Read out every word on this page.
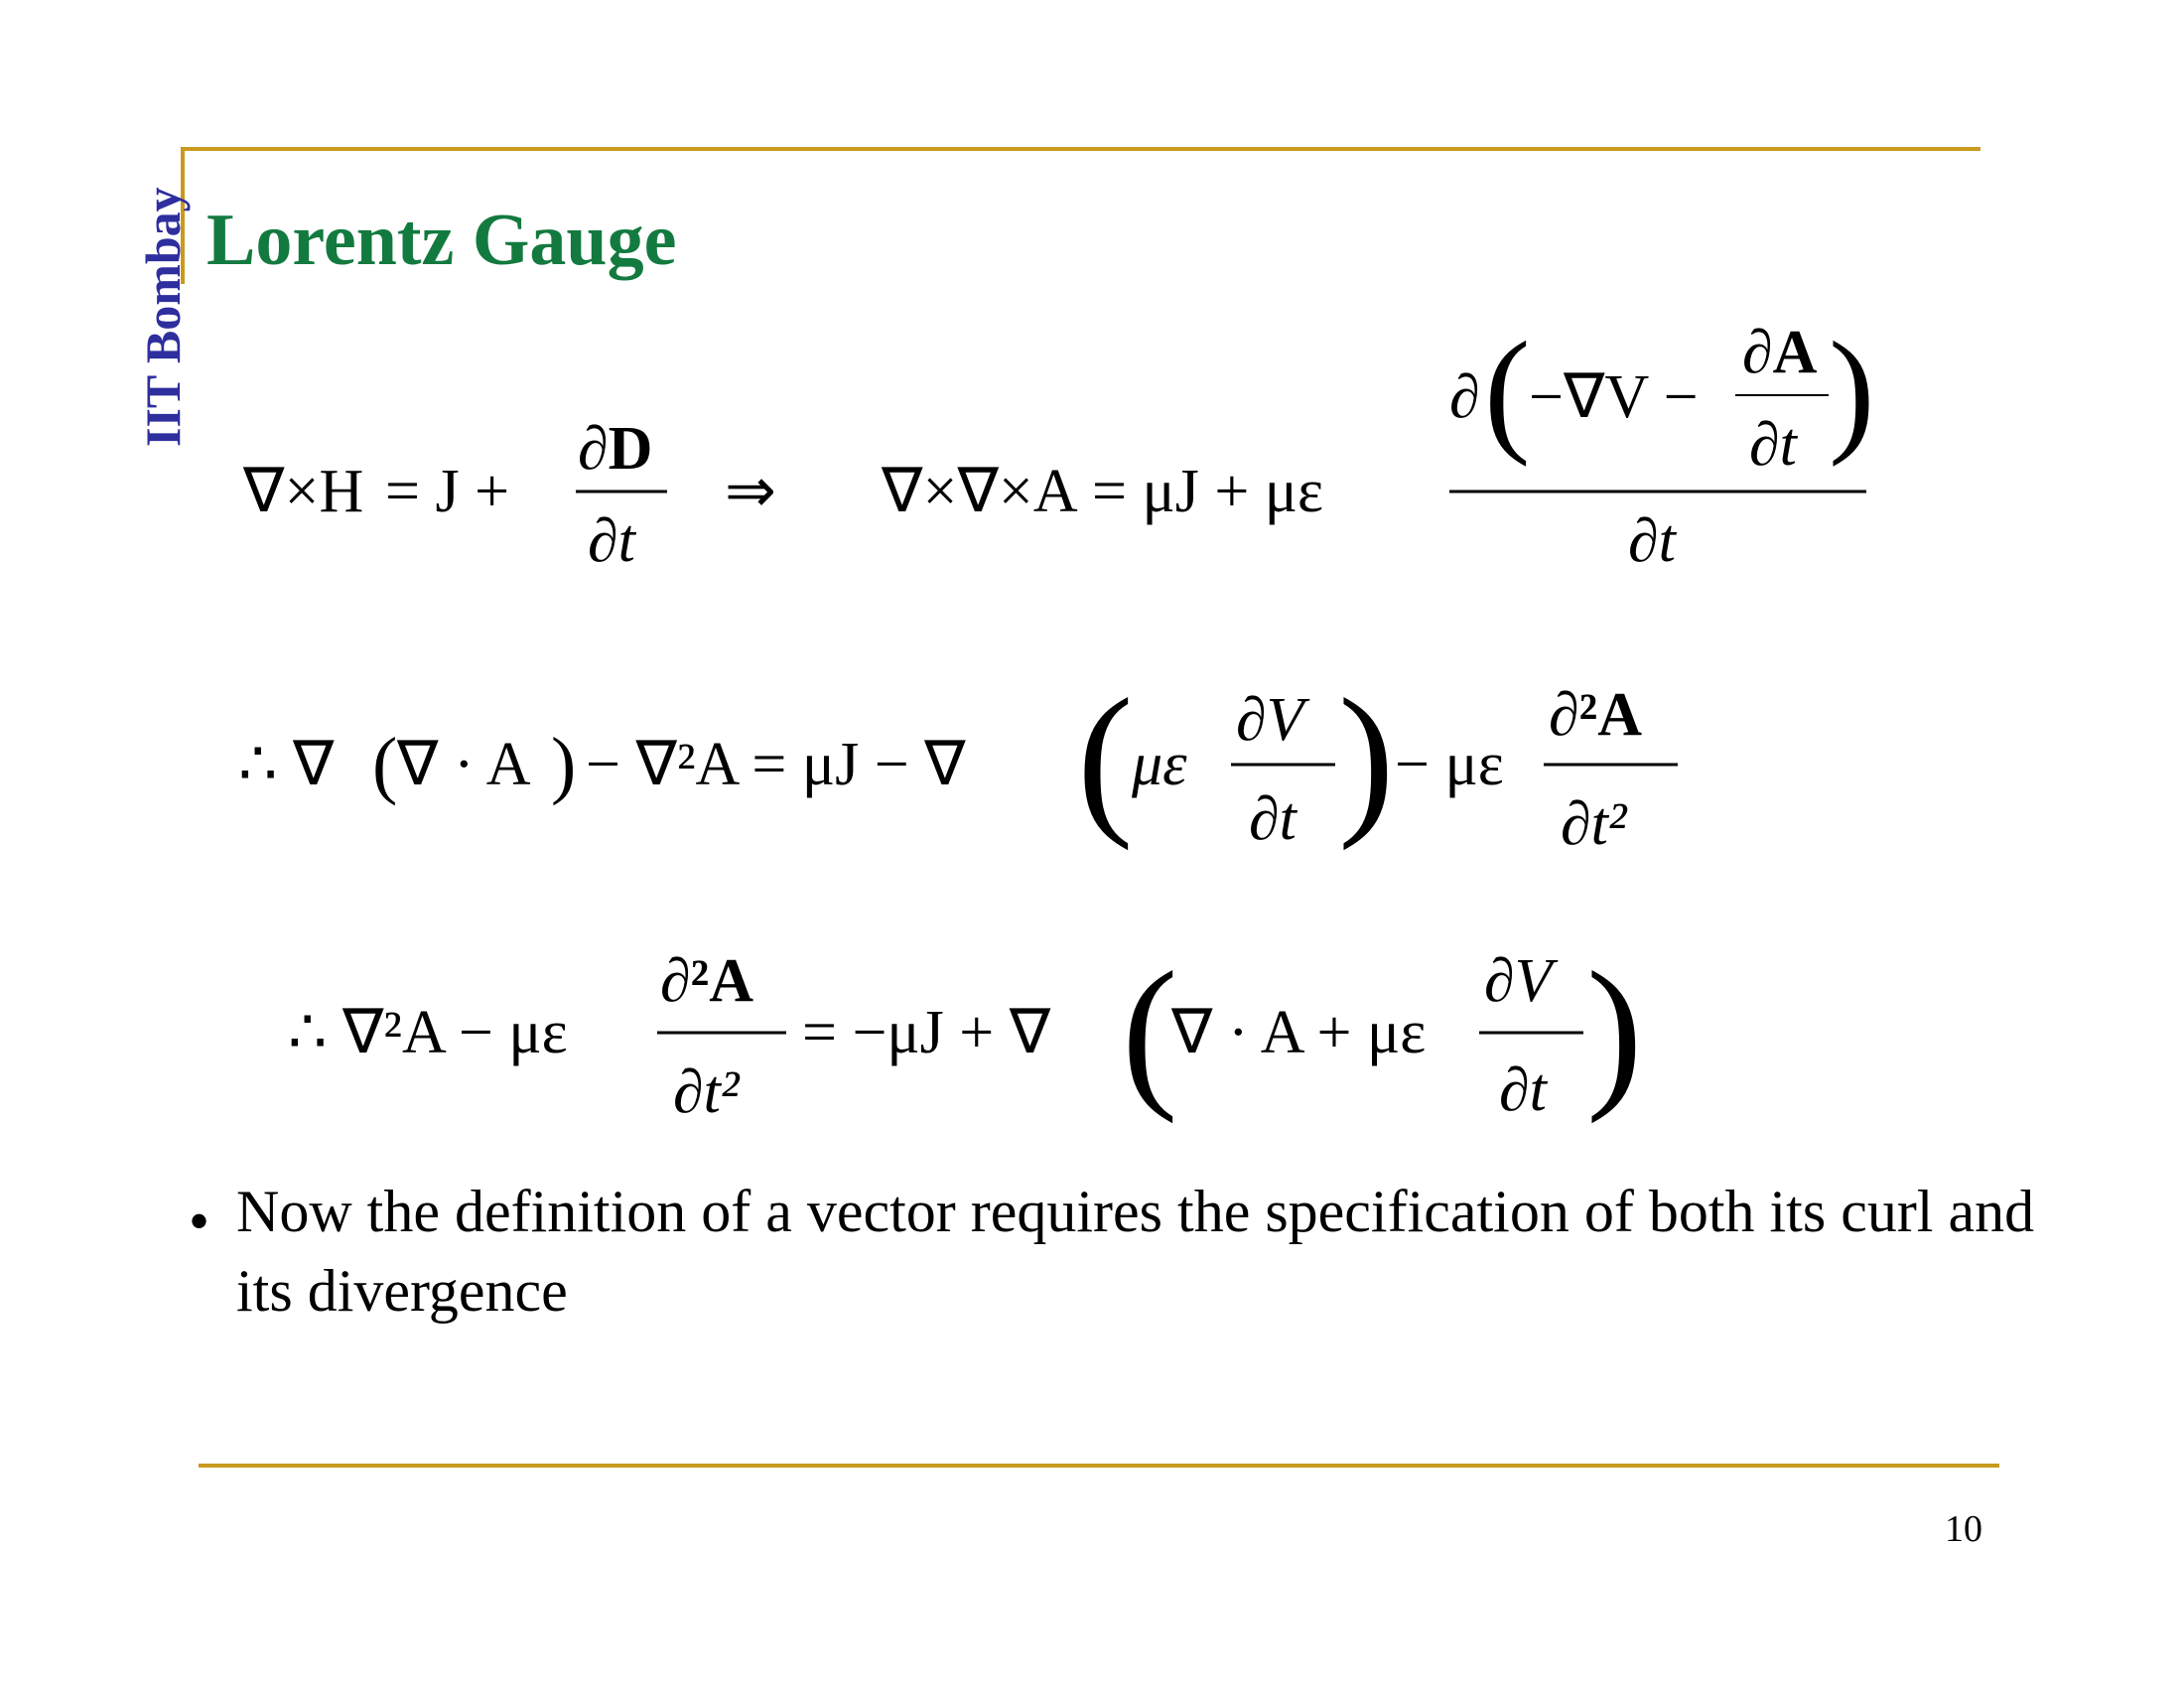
IIT Bombay Lorentz Gauge
∇×H = J +
∂D
∂t
⇒ ∇×∇×A = μJ + με
∂ (
−∇V −
∂A
∂t )
∂t
∴ ∇ ( ∇ · A ) − ∇²A = μJ − ∇ (
με
∂V
∂t ) − με
∂²A
∂t²
∴ ∇²A − με
∂²A
∂t²
= −μJ + ∇ (
∇ · A + με
∂V
∂t )
• Now the definition of a vector requires the specification of both its curl and its divergence
10
